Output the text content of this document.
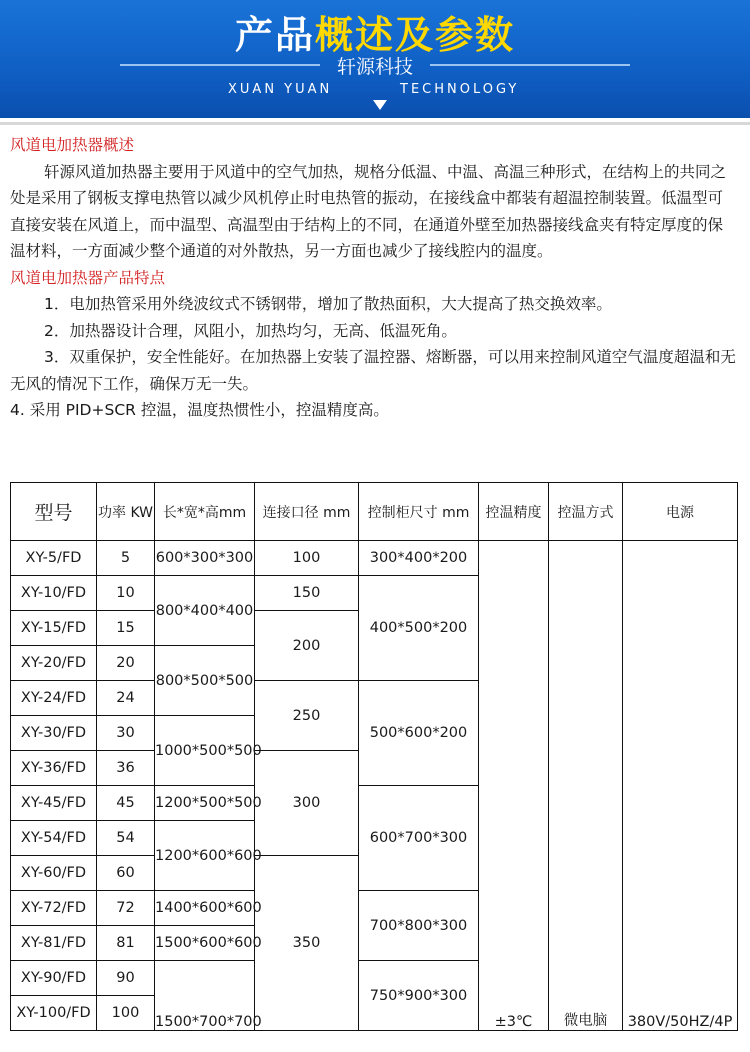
产品概述及参数
轩源科技
XUAN YUAN	TECHNOLOGY

风道电加热器概述

轩源风道加热器主要用于风道中的空气加热，规格分低温、中温、高温三种形式，在结构上的共同之处是采用了钢板支撑电热管以减少风机停止时电热管的振动，在接线盒中都装有超温控制装置。低温型可直接安装在风道上，而中温型、高温型由于结构上的不同，在通道外壁至加热器接线盒夹有特定厚度的保温材料，一方面减少整个通道的对外散热，另一方面也减少了接线腔内的温度。

风道电加热器产品特点

1．电加热管采用外绕波纹式不锈钢带，增加了散热面积，大大提高了热交换效率。

2．加热器设计合理，风阻小，加热均匀，无高、低温死角。

3．双重保护，安全性能好。在加热器上安装了温控器、熔断器，可以用来控制风道空气温度超温和无无风的情况下工作，确保万无一失。

4. 采用 PID+SCR 控温，温度热惯性小，控温精度高。

型号	功率 KW	长*宽*高mm	连接口径 mm	控制柜尺寸 mm	控温精度	控温方式	电源
XY-5/FD	5	600*300*300	100	300*400*200	±3℃	微电脑	380V/50HZ/4P
XY-10/FD	10	800*400*400	150	400*500*200			
XY-15/FD	15		200				
XY-20/FD	20	800*500*500					
XY-24/FD	24		250	500*600*200			
XY-30/FD	30	1000*500*500					
XY-36/FD	36		300				
XY-45/FD	45	1200*500*500		600*700*300			
XY-54/FD	54	1200*600*600					
XY-60/FD	60		350				
XY-72/FD	72	1400*600*600		700*800*300			
XY-81/FD	81	1500*600*600					
XY-90/FD	90	1500*700*700		750*900*300			
XY-100/FD	100						
